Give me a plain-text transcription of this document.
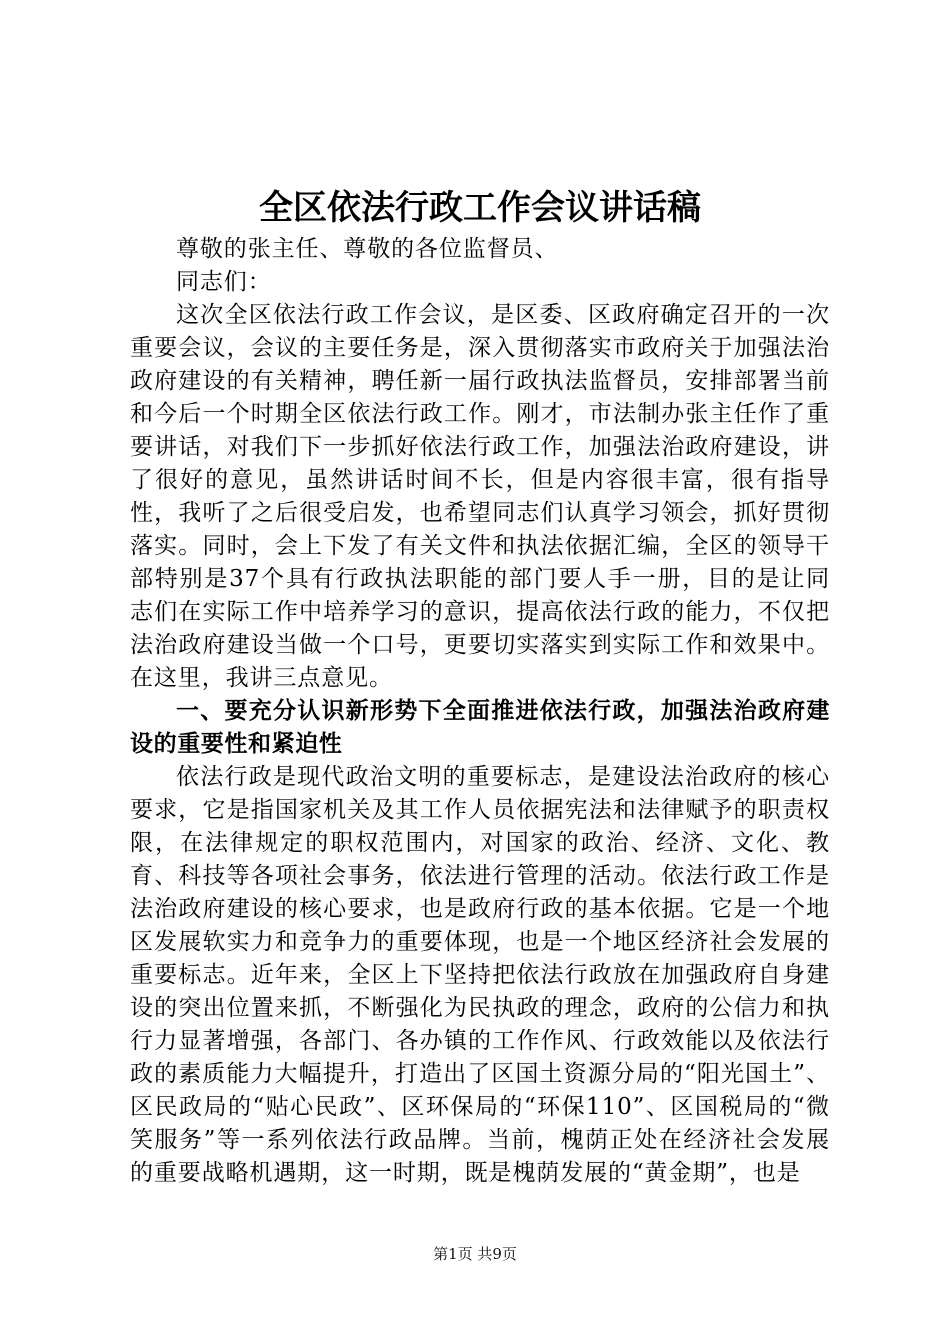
全区依法行政工作会议讲话稿

尊敬的张主任、尊敬的各位监督员、

同志们：

这次全区依法行政工作会议，是区委、区政府确定召开的一次重要会议，会议的主要任务是，深入贯彻落实市政府关于加强法治政府建设的有关精神，聘任新一届行政执法监督员，安排部署当前和今后一个时期全区依法行政工作。刚才，市法制办张主任作了重要讲话，对我们下一步抓好依法行政工作，加强法治政府建设，讲了很好的意见，虽然讲话时间不长，但是内容很丰富，很有指导性，我听了之后很受启发，也希望同志们认真学习领会，抓好贯彻落实。同时，会上下发了有关文件和执法依据汇编，全区的领导干部特别是37个具有行政执法职能的部门要人手一册，目的是让同志们在实际工作中培养学习的意识，提高依法行政的能力，不仅把法治政府建设当做一个口号，更要切实落实到实际工作和效果中。在这里，我讲三点意见。

一、要充分认识新形势下全面推进依法行政，加强法治政府建设的重要性和紧迫性

依法行政是现代政治文明的重要标志，是建设法治政府的核心要求，它是指国家机关及其工作人员依据宪法和法律赋予的职责权限，在法律规定的职权范围内，对国家的政治、经济、文化、教育、科技等各项社会事务，依法进行管理的活动。依法行政工作是法治政府建设的核心要求，也是政府行政的基本依据。它是一个地区发展软实力和竞争力的重要体现，也是一个地区经济社会发展的重要标志。近年来，全区上下坚持把依法行政放在加强政府自身建设的突出位置来抓，不断强化为民执政的理念，政府的公信力和执行力显著增强，各部门、各办镇的工作作风、行政效能以及依法行政的素质能力大幅提升，打造出了区国土资源分局的“阳光国土”、区民政局的“贴心民政”、区环保局的“环保110”、区国税局的“微笑服务”等一系列依法行政品牌。当前，槐荫正处在经济社会发展的重要战略机遇期，这一时期，既是槐荫发展的“黄金期”，也是

第1页 共9页
